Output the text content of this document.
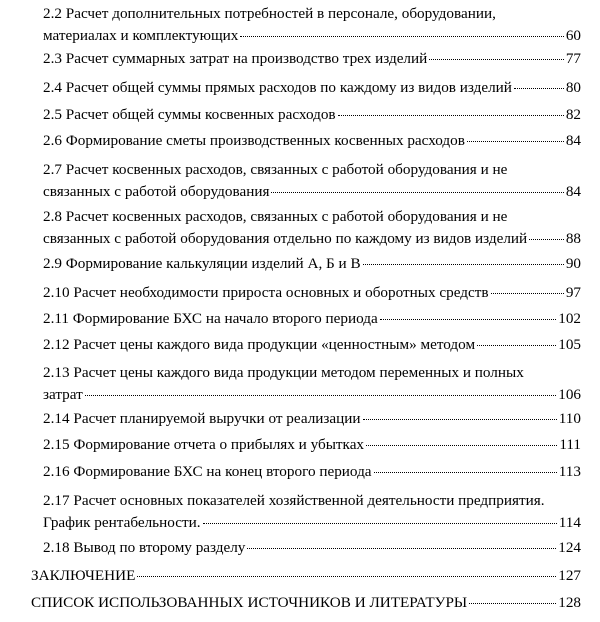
2.2 Расчет дополнительных потребностей в персонале, оборудовании,
материалах и комплектующих	60
2.3 Расчет суммарных затрат на производство трех изделий	77
2.4 Расчет общей суммы прямых расходов по каждому из видов изделий	80
2.5 Расчет общей суммы косвенных расходов	82
2.6 Формирование сметы производственных косвенных расходов	84
2.7 Расчет косвенных расходов, связанных с работой оборудования и не
связанных с работой оборудования	84
2.8 Расчет косвенных расходов, связанных с работой оборудования и не
связанных с работой оборудования отдельно по каждому из видов изделий	88
2.9 Формирование калькуляции изделий А, Б и В	90
2.10 Расчет необходимости прироста основных и оборотных средств	97
2.11 Формирование БХС на начало второго периода	102
2.12 Расчет цены каждого вида продукции «ценностным» методом	105
2.13 Расчет цены каждого вида продукции методом переменных и полных
затрат	106
2.14 Расчет планируемой выручки от реализации	110
2.15 Формирование отчета о прибылях и убытках	111
2.16 Формирование БХС на конец второго периода	113
2.17 Расчет основных показателей хозяйственной деятельности предприятия.
График рентабельности.	114
2.18 Вывод по второму разделу	124
ЗАКЛЮЧЕНИЕ	127
СПИСОК ИСПОЛЬЗОВАННЫХ ИСТОЧНИКОВ И ЛИТЕРАТУРЫ	128
